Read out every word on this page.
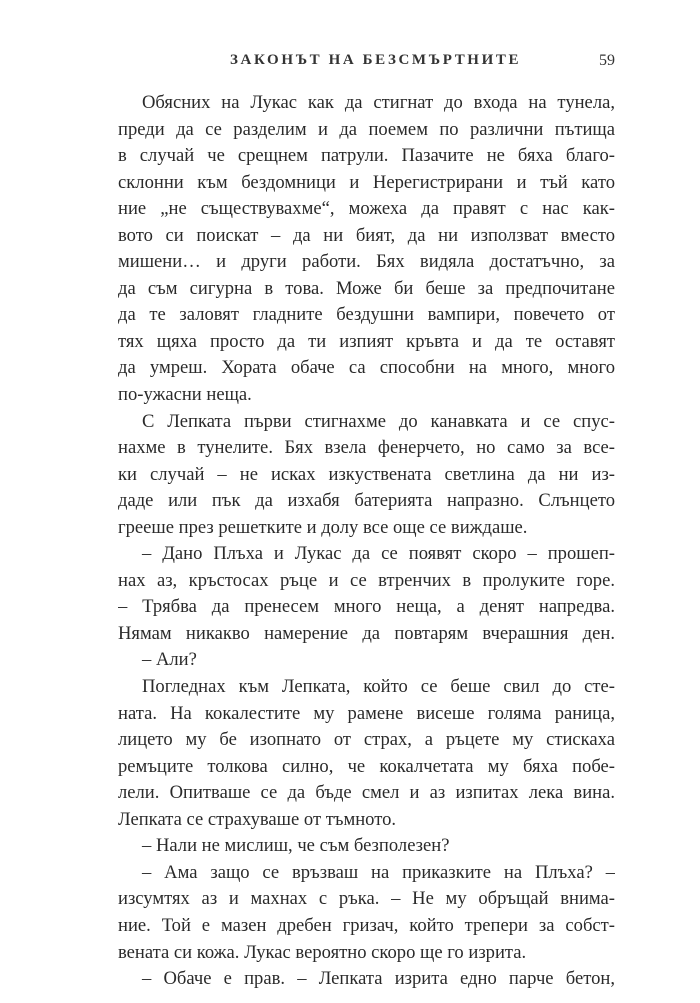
ЗАКОНЪТ НА БЕЗСМЪРТНИТЕ	59
Обясних на Лукас как да стигнат до входа на тунела,
преди да се разделим и да поемем по различни пътища
в случай че срещнем патрули. Пазачите не бяха благо-
склонни към бездомници и Нерегистрирани и тъй като
ние „не съществувахме“, можеха да правят с нас как-
вото си поискат – да ни бият, да ни използват вместо
мишени… и други работи. Бях видяла достатъчно, за
да съм сигурна в това. Може би беше за предпочитане
да те заловят гладните бездушни вампири, повечето от
тях щяха просто да ти изпият кръвта и да те оставят
да умреш. Хората обаче са способни на много, много
по-ужасни неща.
С Лепката първи стигнахме до канавката и се спус-
нахме в тунелите. Бях взела фенерчето, но само за все-
ки случай – не исках изкуствената светлина да ни из-
даде или пък да изхабя батерията напразно. Слънцето
грееше през решетките и долу все още се виждаше.
– Дано Плъха и Лукас да се появят скоро – прошеп-
нах аз, кръстосах ръце и се втренчих в пролуките горе.
– Трябва да пренесем много неща, а денят напредва.
Нямам никакво намерение да повтарям вчерашния ден.
– Али?
Погледнах към Лепката, който се беше свил до сте-
ната. На кокалестите му рамене висеше голяма раница,
лицето му бе изопнато от страх, а ръцете му стискаха
ремъците толкова силно, че кокалчетата му бяха побе-
лели. Опитваше се да бъде смел и аз изпитах лека вина.
Лепката се страхуваше от тъмното.
– Нали не мислиш, че съм безполезен?
– Ама защо се връзваш на приказките на Плъха? –
изсумтях аз и махнах с ръка. – Не му обръщай внима-
ние. Той е мазен дребен гризач, който трепери за собст-
вената си кожа. Лукас вероятно скоро ще го изрита.
– Обаче е прав. – Лепката изрита едно парче бетон,
